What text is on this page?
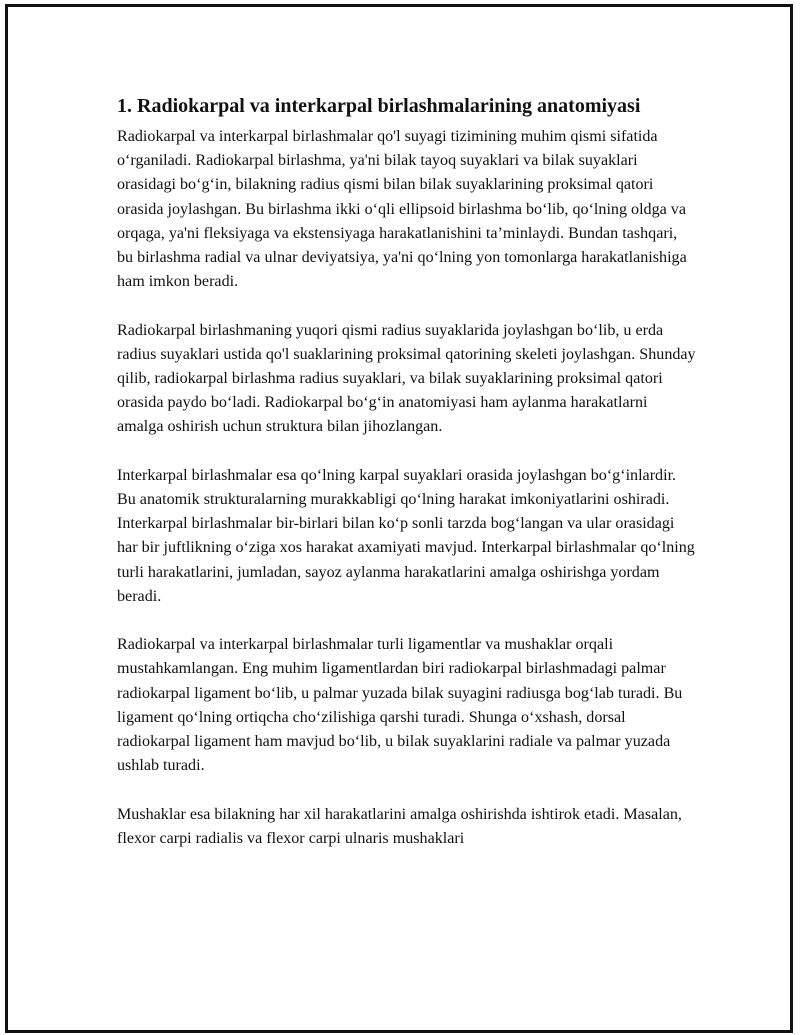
1. Radiokarpal va interkarpal birlashmalarining anatomiyasi

Radiokarpal va interkarpal birlashmalar qo'l suyagi tizimining muhim qismi sifatida o‘rganiladi. Radiokarpal birlashma, ya'ni bilak tayoq suyaklari va bilak suyaklari orasidagi bo‘g‘in, bilakning radius qismi bilan bilak suyaklarining proksimal qatori orasida joylashgan. Bu birlashma ikki o‘qli ellipsoid birlashma bo‘lib, qo‘lning oldga va orqaga, ya'ni fleksiyaga va ekstensiyaga harakatlanishini ta’minlaydi. Bundan tashqari, bu birlashma radial va ulnar deviyatsiya, ya'ni qo‘lning yon tomonlarga harakatlanishiga ham imkon beradi.

Radiokarpal birlashmaning yuqori qismi radius suyaklarida joylashgan bo‘lib, u erda radius suyaklari ustida qo'l suaklarining proksimal qatorining skeleti joylashgan. Shunday qilib, radiokarpal birlashma radius suyaklari, va bilak suyaklarining proksimal qatori orasida paydo bo‘ladi. Radiokarpal bo‘g‘in anatomiyasi ham aylanma harakatlarni amalga oshirish uchun struktura bilan jihozlangan.

Interkarpal birlashmalar esa qo‘lning karpal suyaklari orasida joylashgan bo‘g‘inlardir. Bu anatomik strukturalarning murakkabligi qo‘lning harakat imkoniyatlarini oshiradi. Interkarpal birlashmalar bir-birlari bilan ko‘p sonli tarzda bog‘langan va ular orasidagi har bir juftlikning o‘ziga xos harakat axamiyati mavjud. Interkarpal birlashmalar qo‘lning turli harakatlarini, jumladan, sayoz aylanma harakatlarini amalga oshirishga yordam beradi.

Radiokarpal va interkarpal birlashmalar turli ligamentlar va mushaklar orqali mustahkamlangan. Eng muhim ligamentlardan biri radiokarpal birlashmadagi palmar radiokarpal ligament bo‘lib, u palmar yuzada bilak suyagini radiusga bog‘lab turadi. Bu ligament qo‘lning ortiqcha cho‘zilishiga qarshi turadi. Shunga o‘xshash, dorsal radiokarpal ligament ham mavjud bo‘lib, u bilak suyaklarini radiale va palmar yuzada ushlab turadi.

Mushaklar esa bilakning har xil harakatlarini amalga oshirishda ishtirok etadi. Masalan, flexor carpi radialis va flexor carpi ulnaris mushaklari
